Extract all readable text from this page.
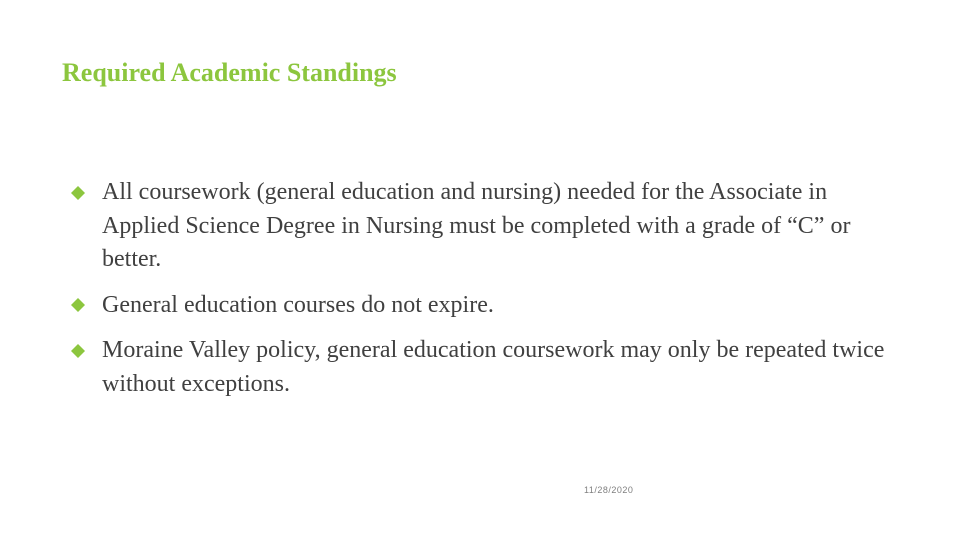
Required Academic Standings
All coursework (general education and nursing) needed for the Associate in Applied Science Degree in Nursing must be completed with a grade of “C” or better.
General education courses do not expire.
Moraine Valley policy, general education coursework may only be repeated twice without exceptions.
11/28/2020
